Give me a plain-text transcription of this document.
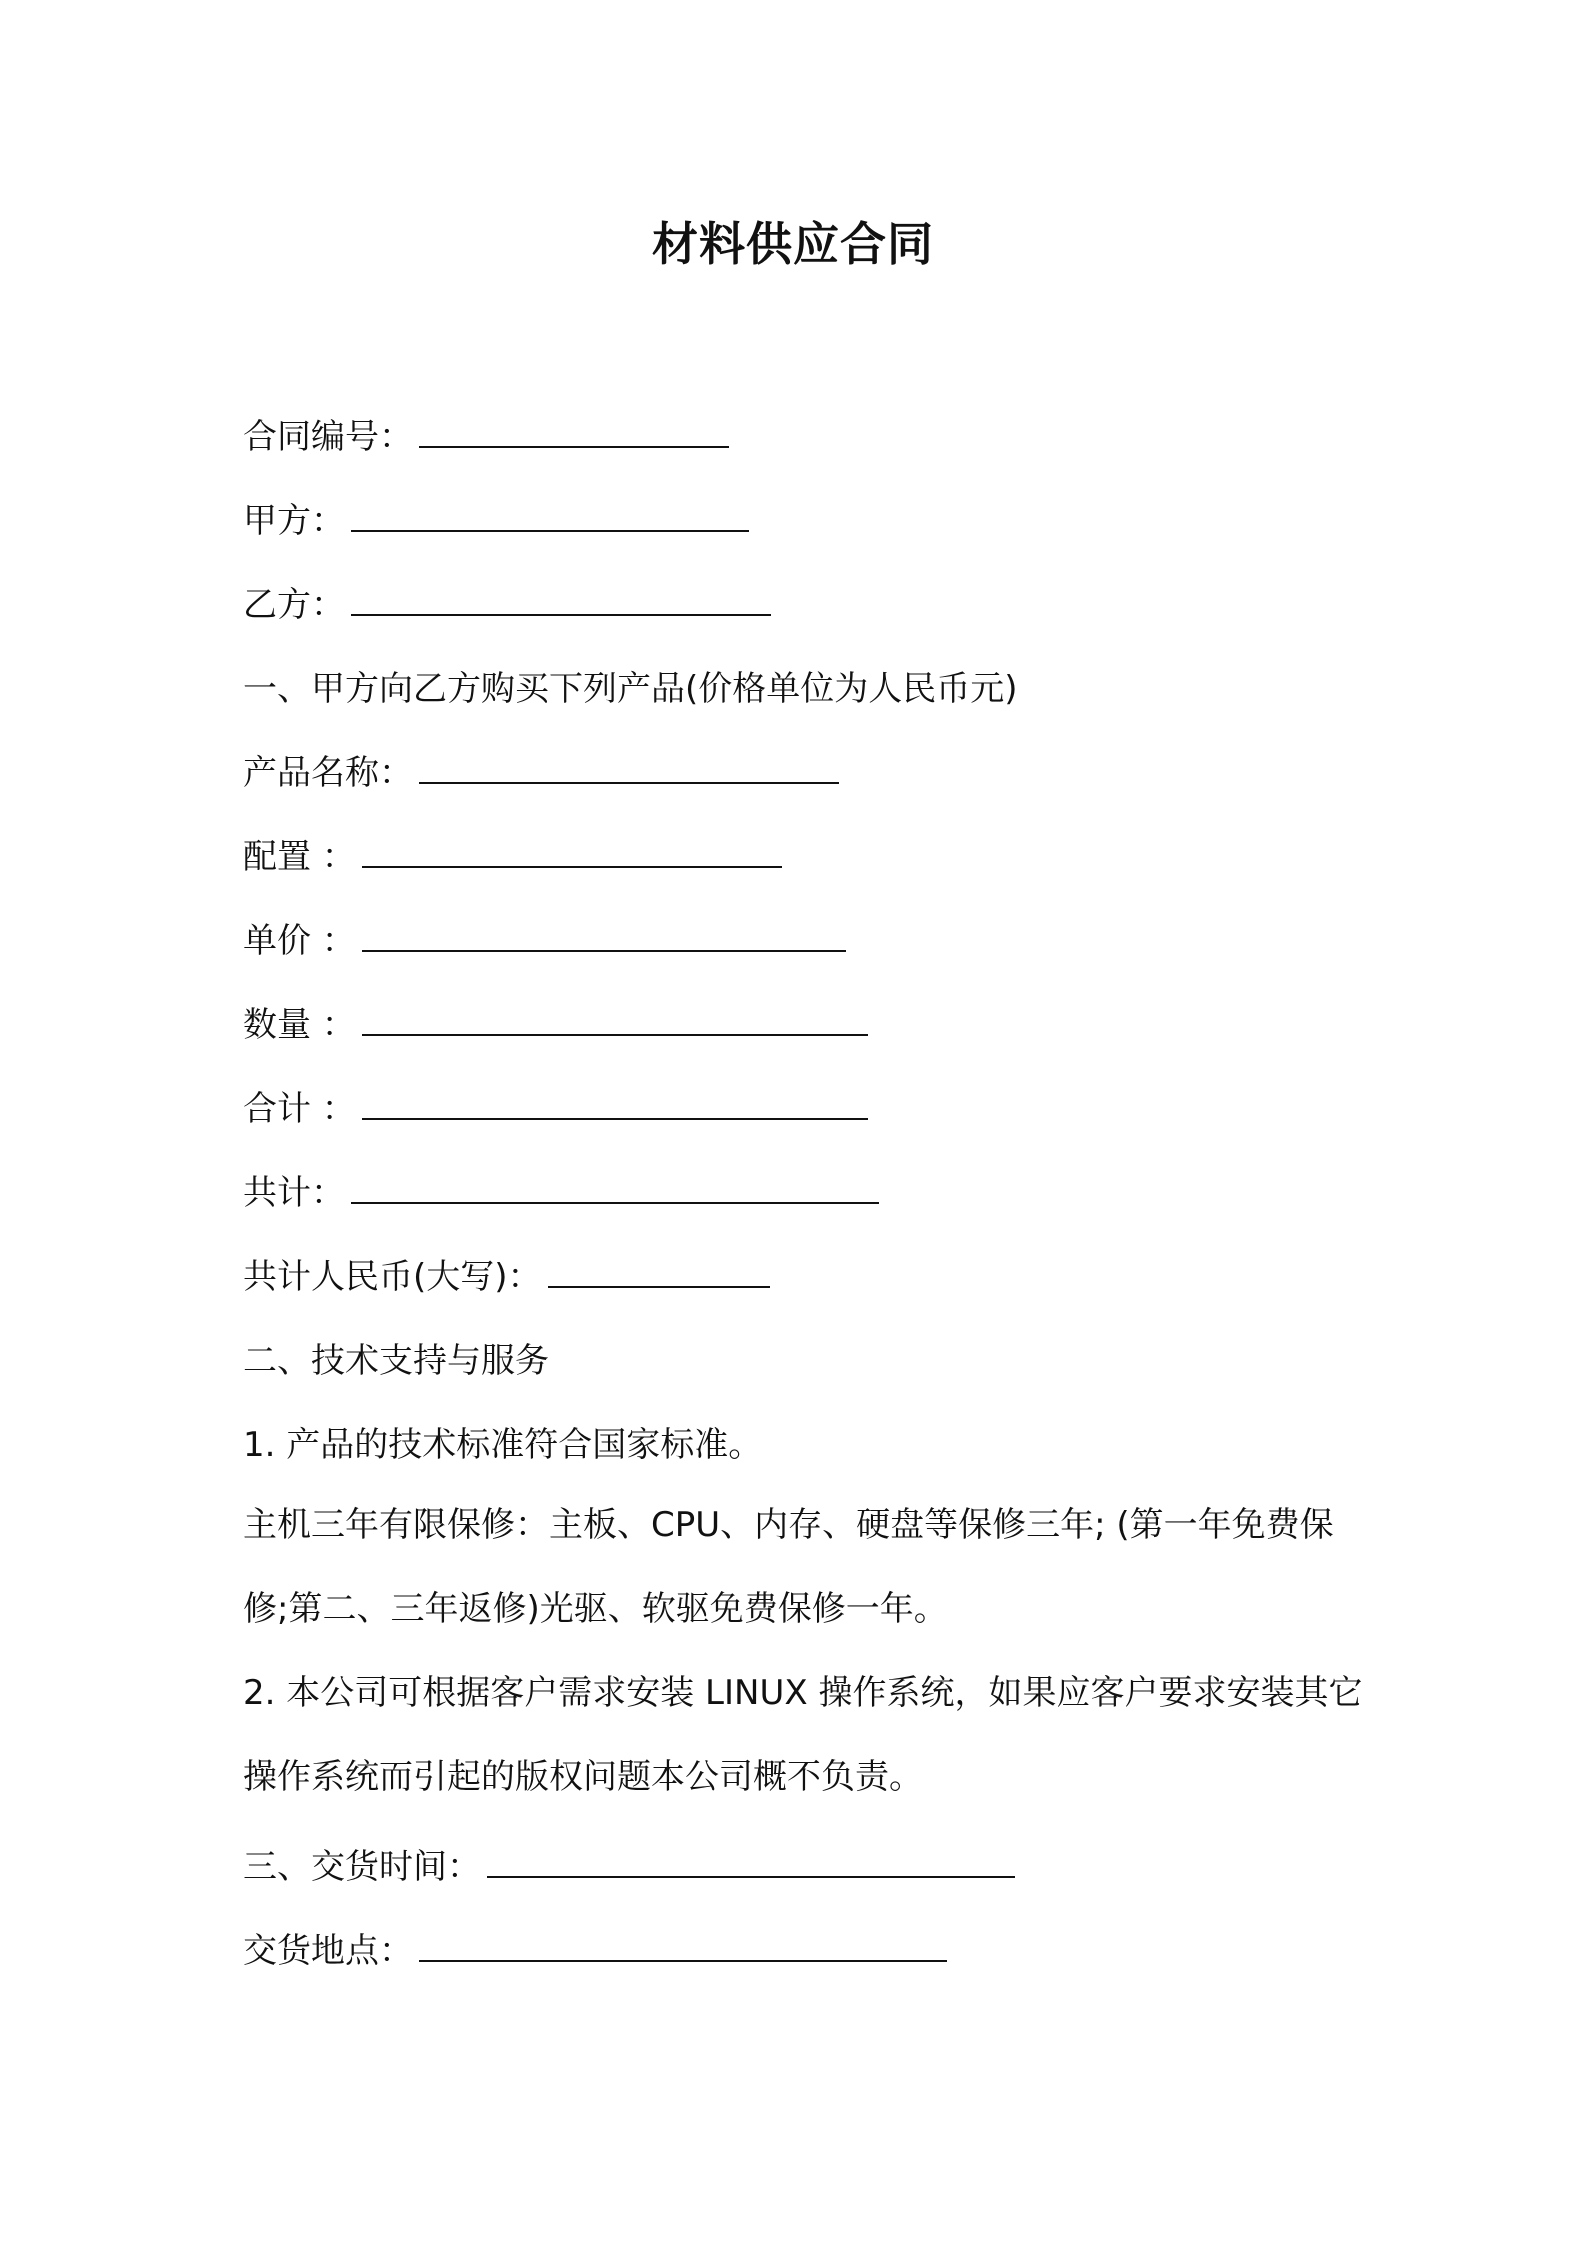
材料供应合同

合同编号：

甲方：

乙方：

一、甲方向乙方购买下列产品(价格单位为人民币元)

产品名称：

配置 ：

单价 ：

数量 ：

合计 ：

共计：

共计人民币(大写)：

二、技术支持与服务

1. 产品的技术标准符合国家标准。

主机三年有限保修：主板、CPU、内存、硬盘等保修三年; (第一年免费保修;第二、三年返修)光驱、软驱免费保修一年。

2. 本公司可根据客户需求安装 LINUX 操作系统，如果应客户要求安装其它操作系统而引起的版权问题本公司概不负责。

三、交货时间：

交货地点：
